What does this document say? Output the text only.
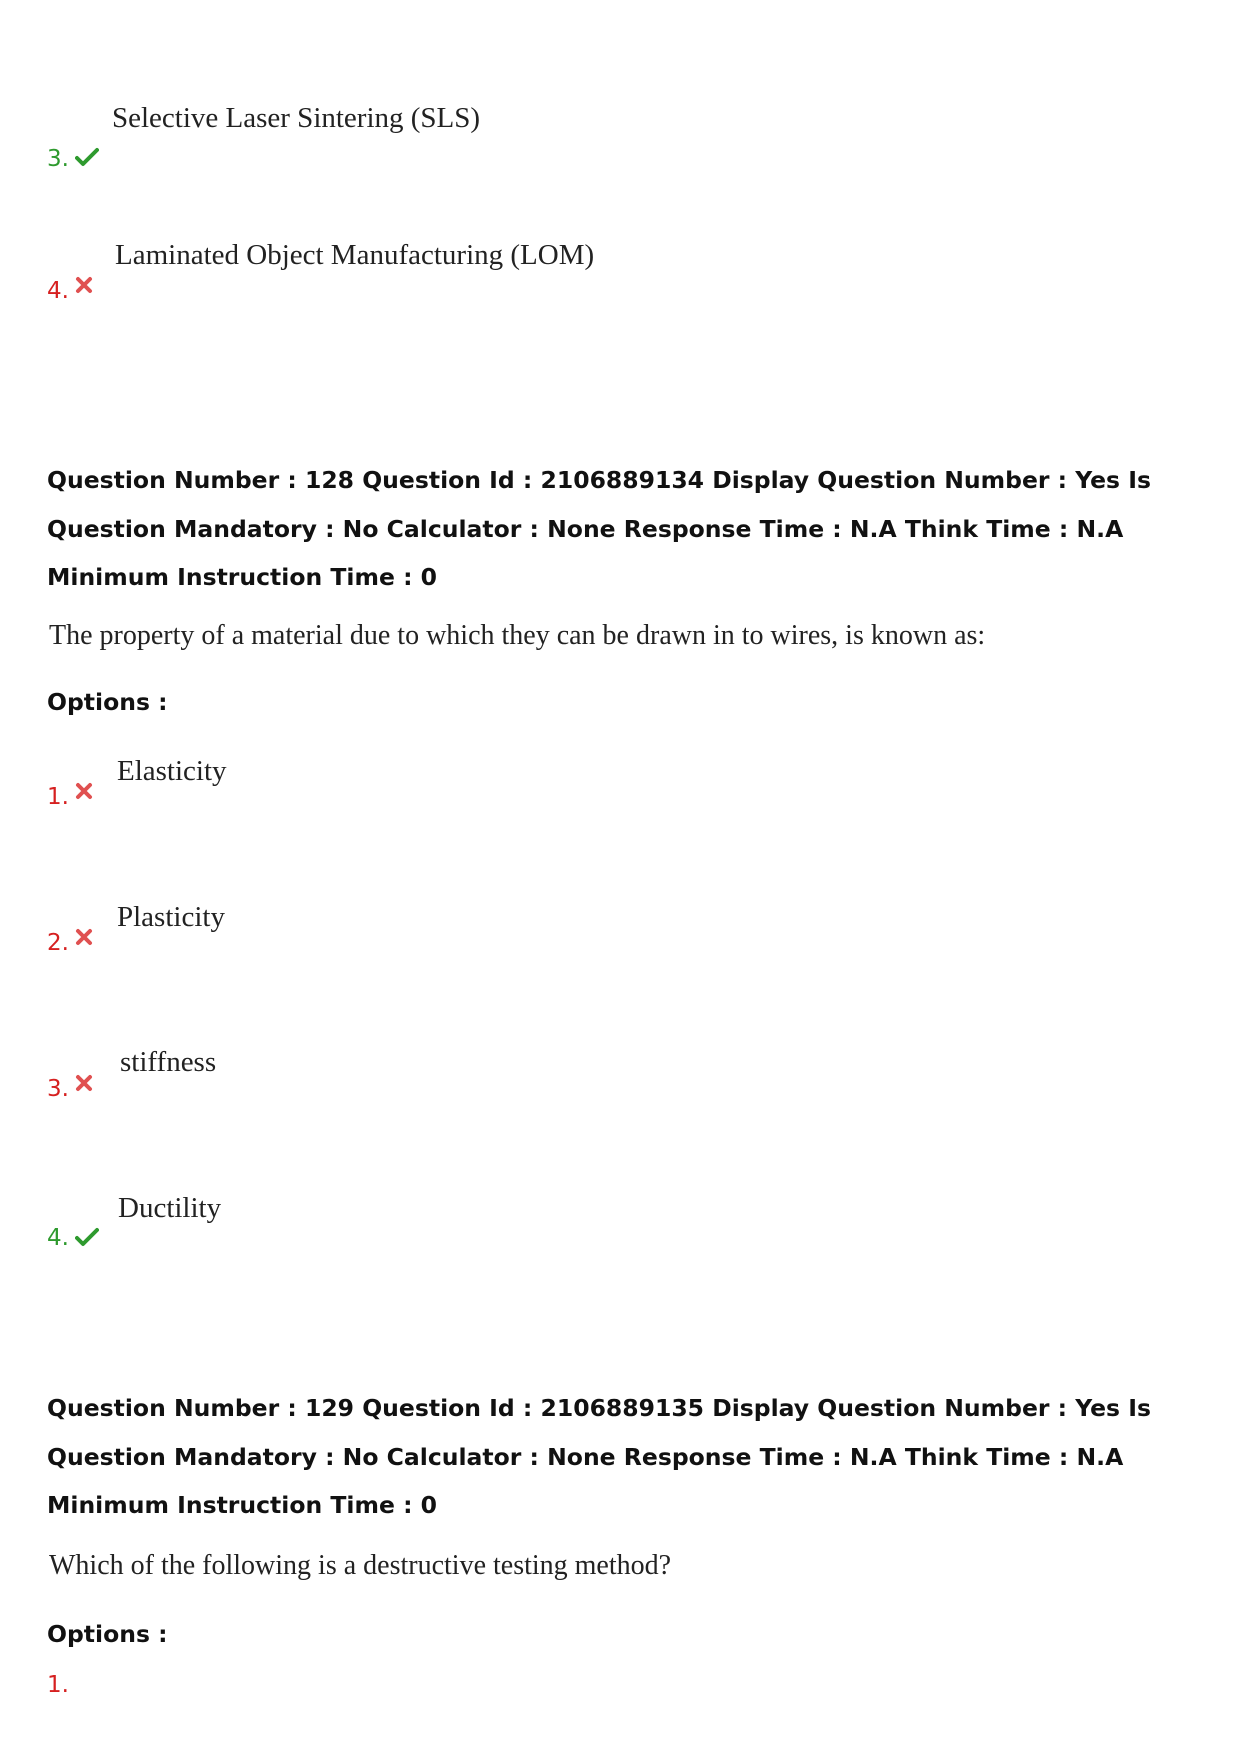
3.
Selective Laser Sintering (SLS)
4.
Laminated Object Manufacturing (LOM)
Question Number : 128 Question Id : 2106889134 Display Question Number : Yes Is Question Mandatory : No Calculator : None Response Time : N.A Think Time : N.A Minimum Instruction Time : 0
The property of a material due to which they can be drawn in to wires, is known as:
Options :
1.
Elasticity
2.
Plasticity
3.
stiffness
4.
Ductility
Question Number : 129 Question Id : 2106889135 Display Question Number : Yes Is Question Mandatory : No Calculator : None Response Time : N.A Think Time : N.A Minimum Instruction Time : 0
Which of the following is a destructive testing method?
Options :
1.
